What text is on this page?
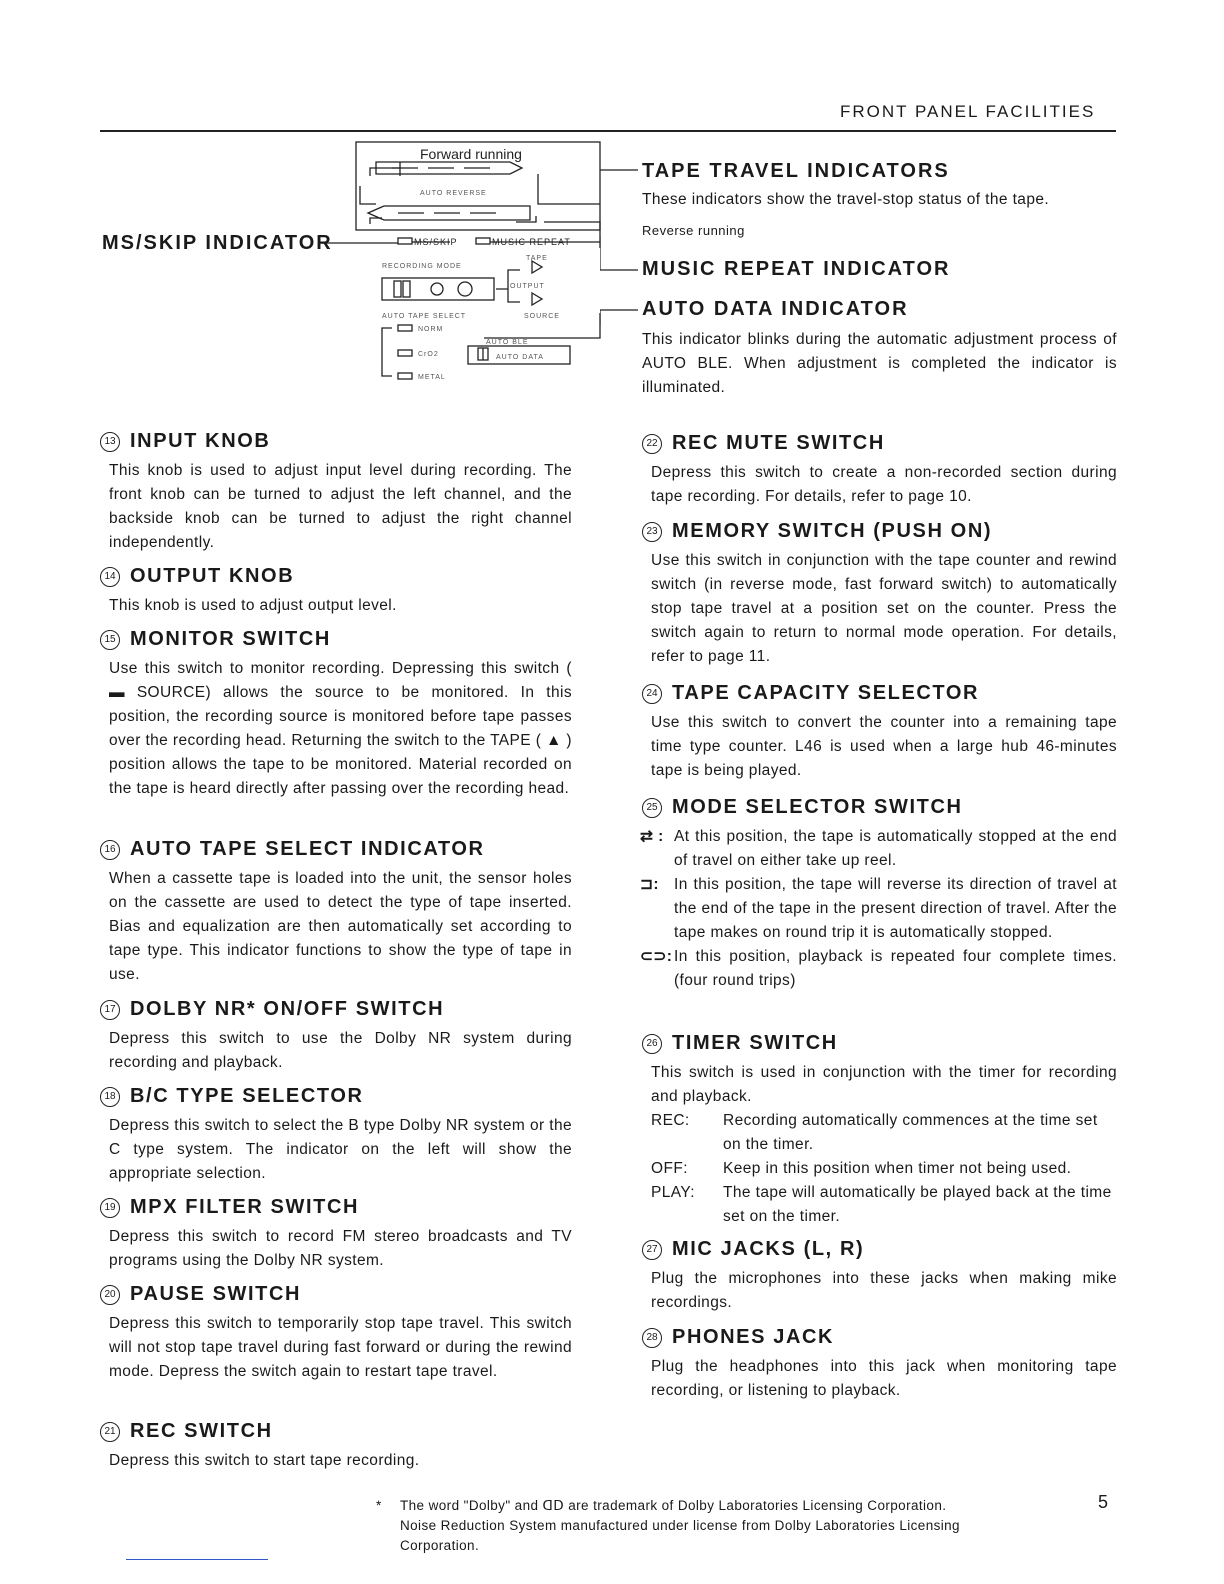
FRONT PANEL FACILITIES
Forward running
AUTO REVERSE
MS/SKIP	MUSIC REPEAT
RECORDING MODE
TAPE
OUTPUT
SOURCE
AUTO TAPE SELECT
NORM
CrO2
METAL
AUTO BLE
AUTO DATA
MS/SKIP INDICATOR
TAPE TRAVEL INDICATORS
These indicators show the travel-stop status of the tape.
Reverse running
MUSIC REPEAT INDICATOR
AUTO DATA INDICATOR
This indicator blinks during the automatic adjustment process of AUTO BLE. When adjustment is completed the indicator is illuminated.
13 INPUT KNOB

This knob is used to adjust input level during recording. The front knob can be turned to adjust the left channel, and the backside knob can be turned to adjust the right channel independently.

14 OUTPUT KNOB

This knob is used to adjust output level.

15 MONITOR SWITCH

Use this switch to monitor recording. Depressing this switch ( ▬ SOURCE) allows the source to be monitored. In this position, the recording source is monitored before tape passes over the recording head. Returning the switch to the TAPE ( ▲ ) position allows the tape to be monitored. Material recorded on the tape is heard directly after passing over the recording head.

16 AUTO TAPE SELECT INDICATOR

When a cassette tape is loaded into the unit, the sensor holes on the cassette are used to detect the type of tape inserted. Bias and equalization are then automatically set according to tape type. This indicator functions to show the type of tape in use.

17 DOLBY NR* ON/OFF SWITCH

Depress this switch to use the Dolby NR system during recording and playback.

18 B/C TYPE SELECTOR

Depress this switch to select the B type Dolby NR system or the C type system. The indicator on the left will show the appropriate selection.

19 MPX FILTER SWITCH

Depress this switch to record FM stereo broadcasts and TV programs using the Dolby NR system.

20 PAUSE SWITCH

Depress this switch to temporarily stop tape travel. This switch will not stop tape travel during fast forward or during the rewind mode. Depress the switch again to restart tape travel.

21 REC SWITCH

Depress this switch to start tape recording.

22 REC MUTE SWITCH

Depress this switch to create a non-recorded section during tape recording. For details, refer to page 10.

23 MEMORY SWITCH (PUSH ON)

Use this switch in conjunction with the tape counter and rewind switch (in reverse mode, fast forward switch) to automatically stop tape travel at a position set on the counter. Press the switch again to return to normal mode operation. For details, refer to page 11.

24 TAPE CAPACITY SELECTOR

Use this switch to convert the counter into a remaining tape time type counter. L46 is used when a large hub 46-minutes tape is being played.

25 MODE SELECTOR SWITCH
⇄ : At this position, the tape is automatically stopped at the end of travel on either take up reel.
⊐: In this position, the tape will reverse its direction of travel at the end of the tape in the present direction of travel. After the tape makes on round trip it is automatically stopped.
⊂⊃: In this position, playback is repeated four complete times. (four round trips)
26 TIMER SWITCH

This switch is used in conjunction with the timer for recording and playback.

REC:	Recording automatically commences at the time set on the timer.
OFF:	Keep in this position when timer not being used.
PLAY:	The tape will automatically be played back at the time set on the timer.
27 MIC JACKS (L, R)

Plug the microphones into these jacks when making mike recordings.

28 PHONES JACK

Plug the headphones into this jack when monitoring tape recording, or listening to playback.

*	The word "Dolby" and ᗡᗞ are trademark of Dolby Laboratories Licensing Corporation.
Noise Reduction System manufactured under license from Dolby Laboratories Licensing Corporation.
5
